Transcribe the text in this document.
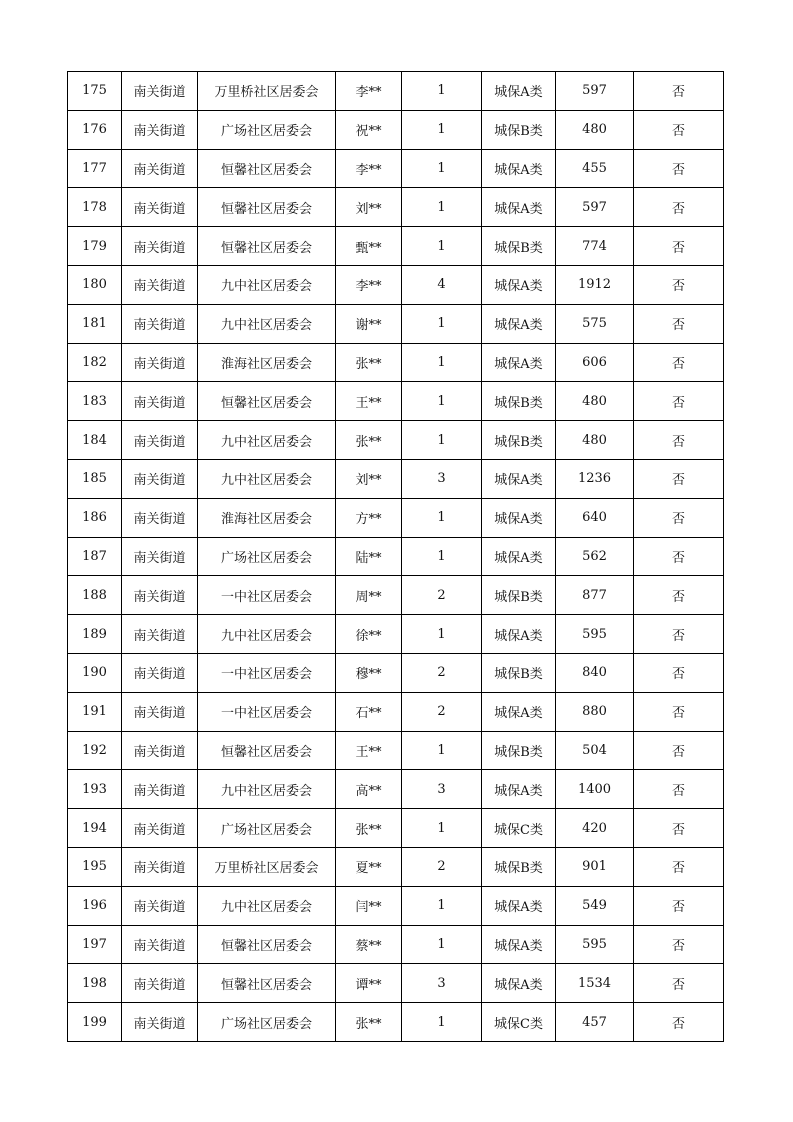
175	南关街道	万里桥社区居委会	李**	1	城保A类	597	否
176	南关街道	广场社区居委会	祝**	1	城保B类	480	否
177	南关街道	恒馨社区居委会	李**	1	城保A类	455	否
178	南关街道	恒馨社区居委会	刘**	1	城保A类	597	否
179	南关街道	恒馨社区居委会	甄**	1	城保B类	774	否
180	南关街道	九中社区居委会	李**	4	城保A类	1912	否
181	南关街道	九中社区居委会	谢**	1	城保A类	575	否
182	南关街道	淮海社区居委会	张**	1	城保A类	606	否
183	南关街道	恒馨社区居委会	王**	1	城保B类	480	否
184	南关街道	九中社区居委会	张**	1	城保B类	480	否
185	南关街道	九中社区居委会	刘**	3	城保A类	1236	否
186	南关街道	淮海社区居委会	方**	1	城保A类	640	否
187	南关街道	广场社区居委会	陆**	1	城保A类	562	否
188	南关街道	一中社区居委会	周**	2	城保B类	877	否
189	南关街道	九中社区居委会	徐**	1	城保A类	595	否
190	南关街道	一中社区居委会	穆**	2	城保B类	840	否
191	南关街道	一中社区居委会	石**	2	城保A类	880	否
192	南关街道	恒馨社区居委会	王**	1	城保B类	504	否
193	南关街道	九中社区居委会	高**	3	城保A类	1400	否
194	南关街道	广场社区居委会	张**	1	城保C类	420	否
195	南关街道	万里桥社区居委会	夏**	2	城保B类	901	否
196	南关街道	九中社区居委会	闫**	1	城保A类	549	否
197	南关街道	恒馨社区居委会	蔡**	1	城保A类	595	否
198	南关街道	恒馨社区居委会	谭**	3	城保A类	1534	否
199	南关街道	广场社区居委会	张**	1	城保C类	457	否
